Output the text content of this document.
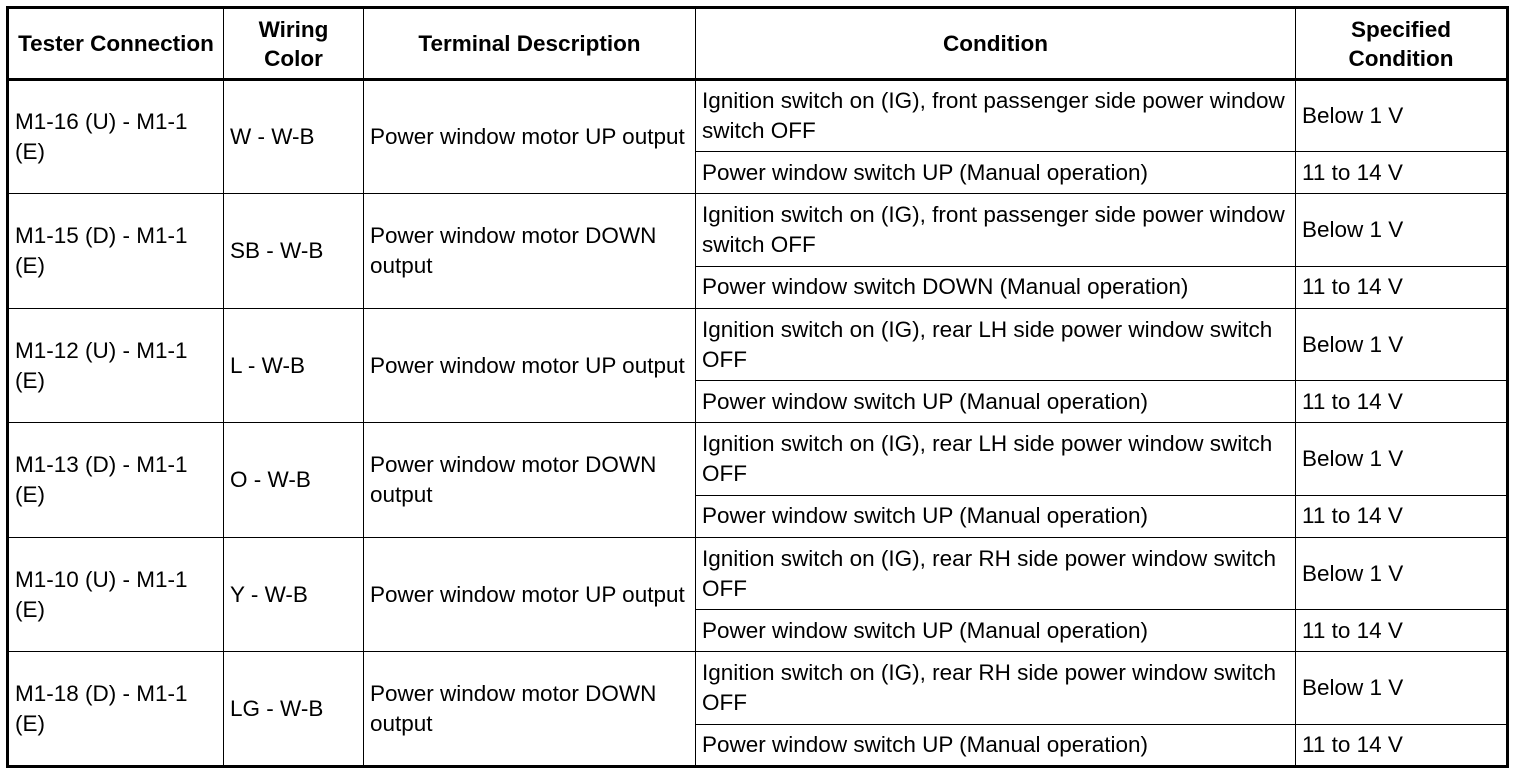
Tester Connection	Wiring Color	Terminal Description	Condition	Specified Condition
M1-16 (U) - M1-1 (E)	W - W-B	Power window motor UP output	Ignition switch on (IG), front passenger side power window switch OFF	Below 1 V
			Power window switch UP (Manual operation)	11 to 14 V
M1-15 (D) - M1-1 (E)	SB - W-B	Power window motor DOWN output	Ignition switch on (IG), front passenger side power window switch OFF	Below 1 V
			Power window switch DOWN (Manual operation)	11 to 14 V
M1-12 (U) - M1-1 (E)	L - W-B	Power window motor UP output	Ignition switch on (IG), rear LH side power window switch OFF	Below 1 V
			Power window switch UP (Manual operation)	11 to 14 V
M1-13 (D) - M1-1 (E)	O - W-B	Power window motor DOWN output	Ignition switch on (IG), rear LH side power window switch OFF	Below 1 V
			Power window switch UP (Manual operation)	11 to 14 V
M1-10 (U) - M1-1 (E)	Y - W-B	Power window motor UP output	Ignition switch on (IG), rear RH side power window switch OFF	Below 1 V
			Power window switch UP (Manual operation)	11 to 14 V
M1-18 (D) - M1-1 (E)	LG - W-B	Power window motor DOWN output	Ignition switch on (IG), rear RH side power window switch OFF	Below 1 V
			Power window switch UP (Manual operation)	11 to 14 V
